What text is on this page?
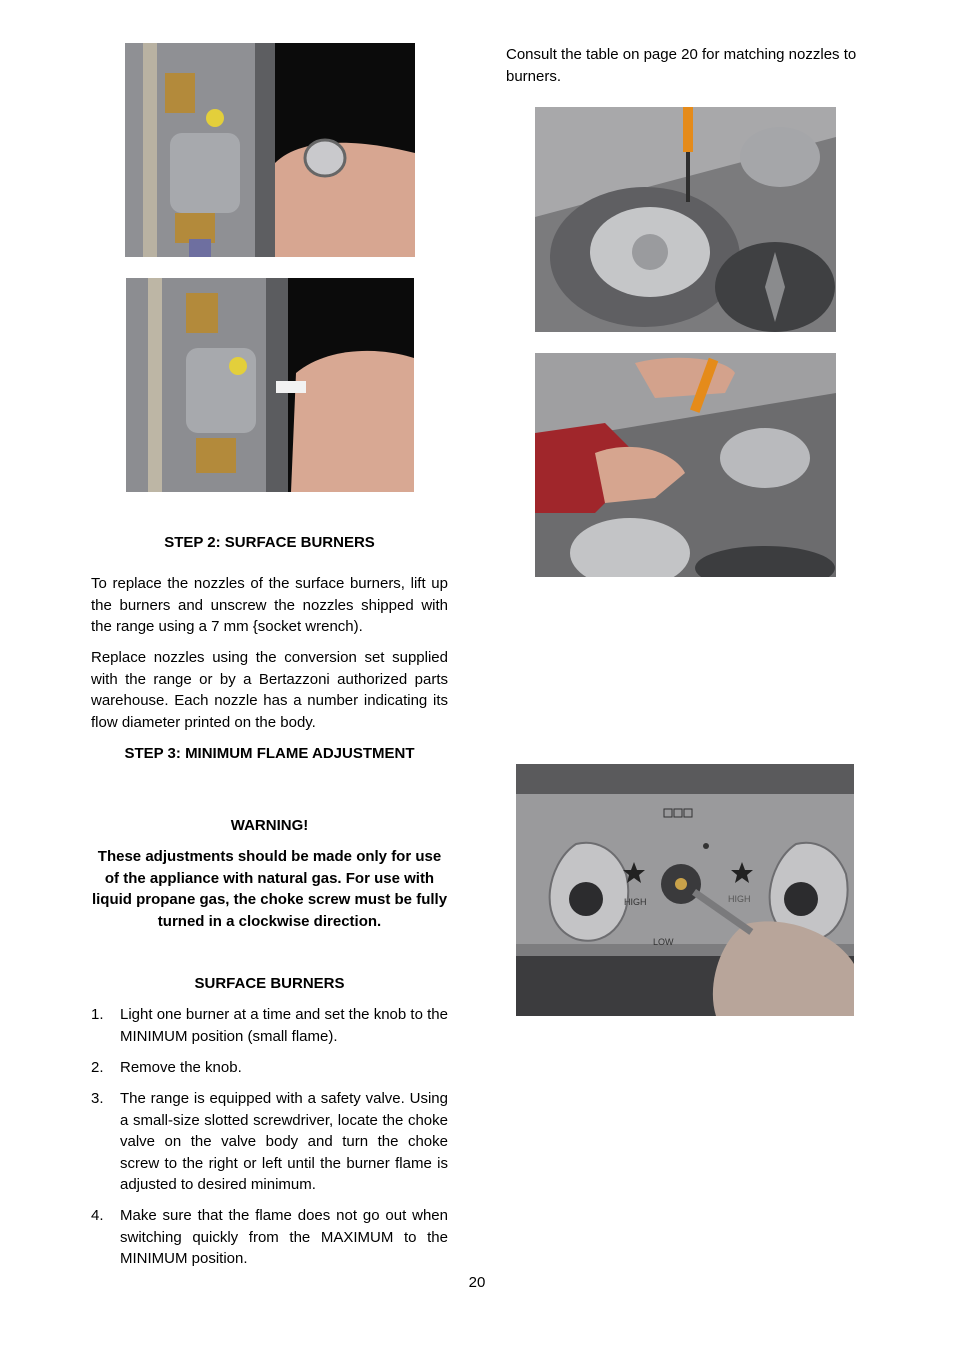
Consult the table on page 20 for matching nozzles to burners.

STEP 2: SURFACE BURNERS

To replace the nozzles of the surface burners, lift up the burners and unscrew the nozzles shipped with the range using a 7 mm {socket wrench).

Replace nozzles using the conversion set supplied with the range or by a Bertazzoni authorized parts warehouse. Each nozzle has a number indicating its flow diameter printed on the body.

STEP 3: MINIMUM FLAME ADJUSTMENT
WARNING!

These adjustments should be made only for use of the appliance with natural gas. For use with liquid propane gas, the choke screw must be fully turned in a clockwise direction.

SURFACE BURNERS
1. Light one burner at a time and set the knob to the MINIMUM position (small flame).

2. Remove the knob.

3. The range is equipped with a safety valve. Using a small-size slotted screwdriver, locate the choke valve on the valve body and turn the choke screw to the right or left until the burner flame is adjusted to desired minimum.

4. Make sure that the flame does not go out when switching quickly from the MAXIMUM to the MINIMUM position.

HIGH	HIGH
LOW
20
